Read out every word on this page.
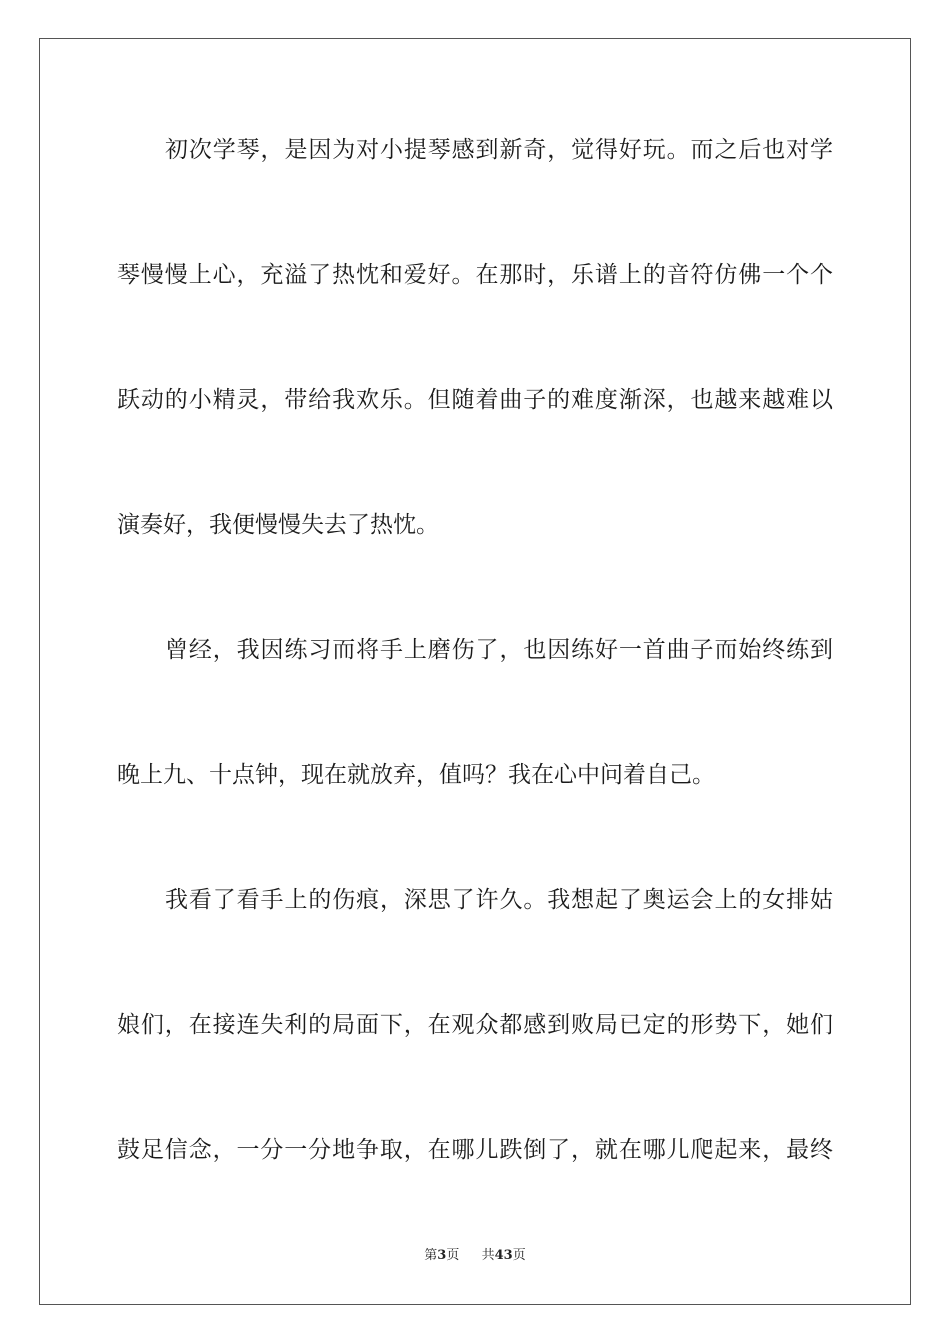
初次学琴，是因为对小提琴感到新奇，觉得好玩。而之后也对学
琴慢慢上心，充溢了热忱和爱好。在那时，乐谱上的音符仿佛一个个
跃动的小精灵，带给我欢乐。但随着曲子的难度渐深，也越来越难以
演奏好，我便慢慢失去了热忱。
曾经，我因练习而将手上磨伤了，也因练好一首曲子而始终练到
晚上九、十点钟，现在就放弃，值吗？我在心中问着自己。
我看了看手上的伤痕，深思了许久。我想起了奥运会上的女排姑
娘们，在接连失利的局面下，在观众都感到败局已定的形势下，她们
鼓足信念，一分一分地争取，在哪儿跌倒了，就在哪儿爬起来，最终
第3页 共43页
